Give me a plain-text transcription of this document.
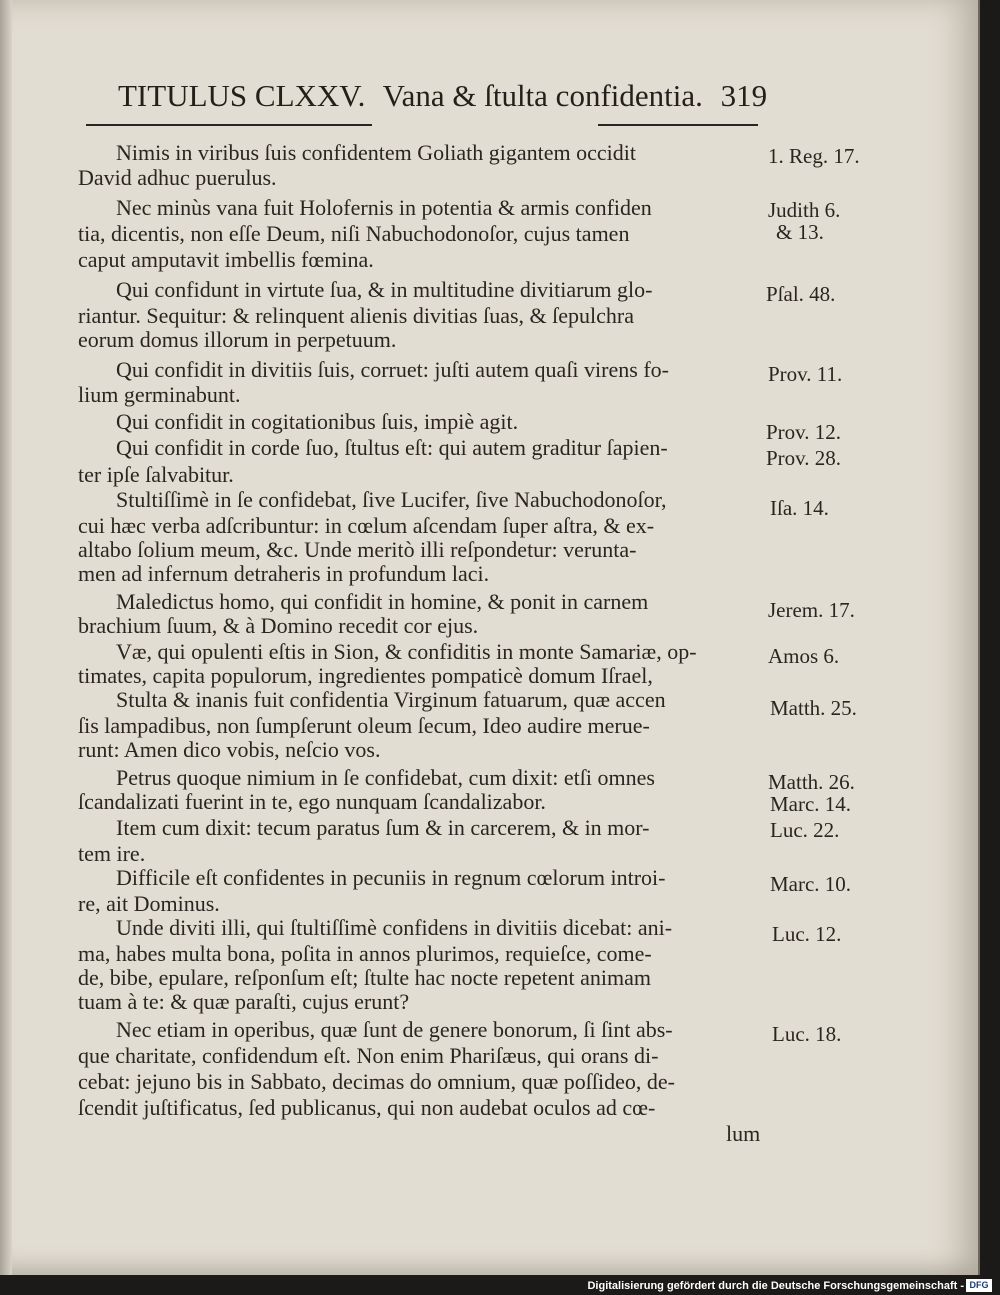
TITULUS CLXXV. Vana & ſtulta confidentia. 319
Nimis in viribus ſuis confidentem Goliath gigantem occidit
David adhuc puerulus.
Nec minùs vana fuit Holofernis in potentia & armis confiden
tia, dicentis, non eſſe Deum, niſi Nabuchodonoſor, cujus tamen
caput amputavit imbellis fœmina.
Qui confidunt in virtute ſua, & in multitudine divitiarum glo-
riantur. Sequitur: & relinquent alienis divitias ſuas, & ſepulchra
eorum domus illorum in perpetuum.
Qui confidit in divitiis ſuis, corruet: juſti autem quaſi virens fo-
lium germinabunt.
Qui confidit in cogitationibus ſuis, impiè agit.
Qui confidit in corde ſuo, ſtultus eſt: qui autem graditur ſapien-
ter ipſe ſalvabitur.
Stultiſſimè in ſe confidebat, ſive Lucifer, ſive Nabuchodonoſor,
cui hæc verba adſcribuntur: in cœlum aſcendam ſuper aſtra, & ex-
altabo ſolium meum, &c. Unde meritò illi reſpondetur: verunta-
men ad infernum detraheris in profundum laci.
Maledictus homo, qui confidit in homine, & ponit in carnem
brachium ſuum, & à Domino recedit cor ejus.
Væ, qui opulenti eſtis in Sion, & confiditis in monte Samariæ, op-
timates, capita populorum, ingredientes pompaticè domum Iſrael,
Stulta & inanis fuit confidentia Virginum fatuarum, quæ accen
ſis lampadibus, non ſumpſerunt oleum ſecum, Ideo audire merue-
runt: Amen dico vobis, neſcio vos.
Petrus quoque nimium in ſe confidebat, cum dixit: etſi omnes
ſcandalizati fuerint in te, ego nunquam ſcandalizabor.
Item cum dixit: tecum paratus ſum & in carcerem, & in mor-
tem ire.
Difficile eſt confidentes in pecuniis in regnum cœlorum introi-
re, ait Dominus.
Unde diviti illi, qui ſtultiſſimè confidens in divitiis dicebat: ani-
ma, habes multa bona, poſita in annos plurimos, requieſce, come-
de, bibe, epulare, reſponſum eſt; ſtulte hac nocte repetent animam
tuam à te: & quæ paraſti, cujus erunt?
Nec etiam in operibus, quæ ſunt de genere bonorum, ſi ſint abs-
que charitate, confidendum eſt. Non enim Phariſæus, qui orans di-
cebat: jejuno bis in Sabbato, decimas do omnium, quæ poſſideo, de-
ſcendit juſtificatus, ſed publicanus, qui non audebat oculos ad cœ-
lum
1. Reg. 17.
Judith 6.
& 13.
Pſal. 48.
Prov. 11.
Prov. 12.
Prov. 28.
Iſa. 14.
Jerem. 17.
Amos 6.
Matth. 25.
Matth. 26.
Marc. 14.
Luc. 22.
Marc. 10.
Luc. 12.
Luc. 18.
Digitalisierung gefördert durch die Deutsche Forschungsgemeinschaft - DFG
